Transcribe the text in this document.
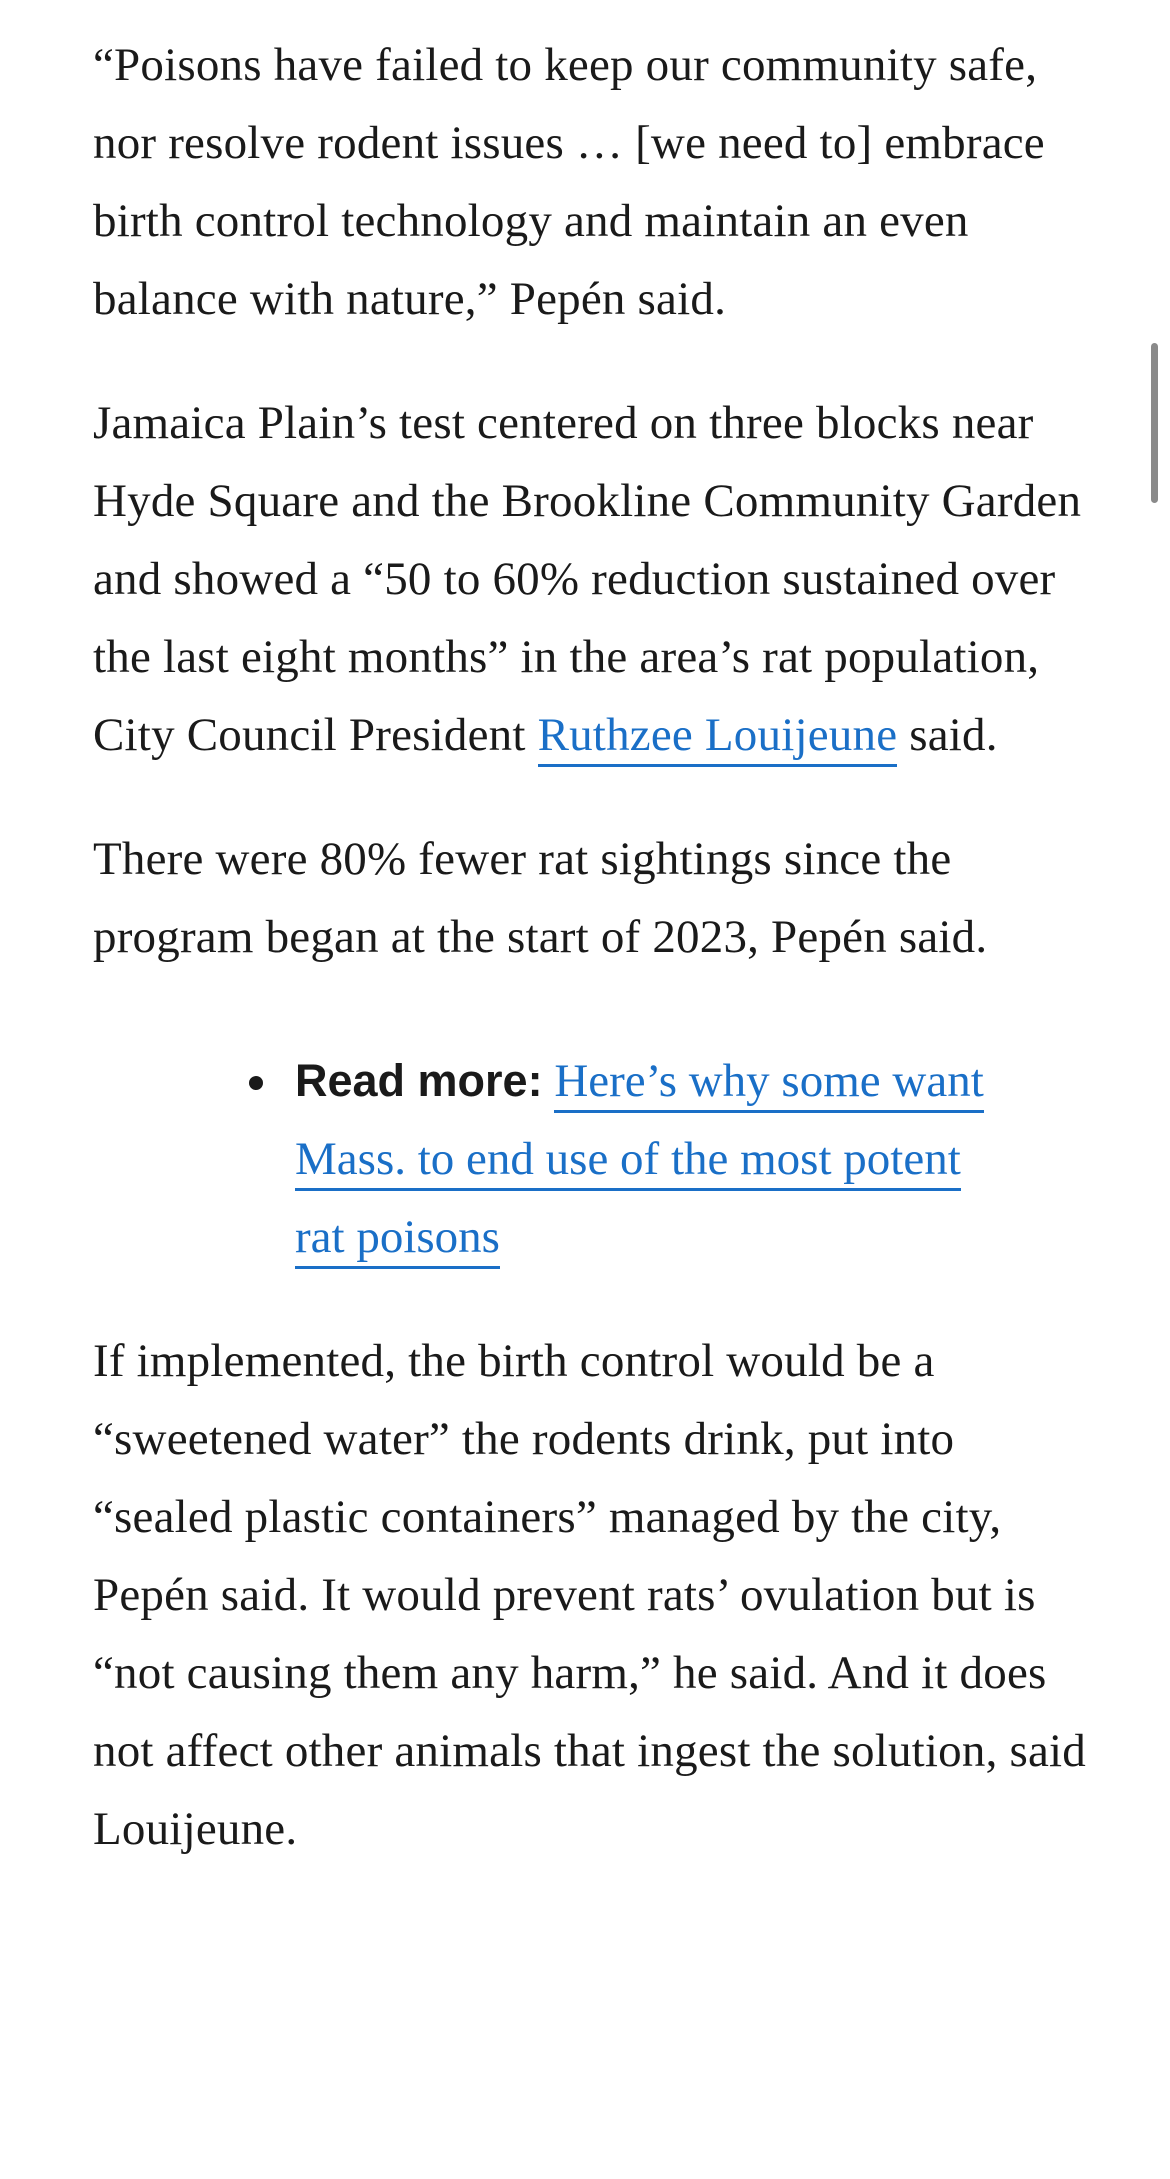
“Poisons have failed to keep our community safe, nor resolve rodent issues … [we need to] embrace birth control technology and maintain an even balance with nature,” Pepén said.

Jamaica Plain’s test centered on three blocks near Hyde Square and the Brookline Community Garden and showed a “50 to 60% reduction sustained over the last eight months” in the area’s rat population, City Council President Ruthzee Louijeune said.

There were 80% fewer rat sightings since the program began at the start of 2023, Pepén said.

Read more: Here’s why some want Mass. to end use of the most potent rat poisons

If implemented, the birth control would be a “sweetened water” the rodents drink, put into “sealed plastic containers” managed by the city, Pepén said. It would prevent rats’ ovulation but is “not causing them any harm,” he said. And it does not affect other animals that ingest the solution, said Louijeune.
